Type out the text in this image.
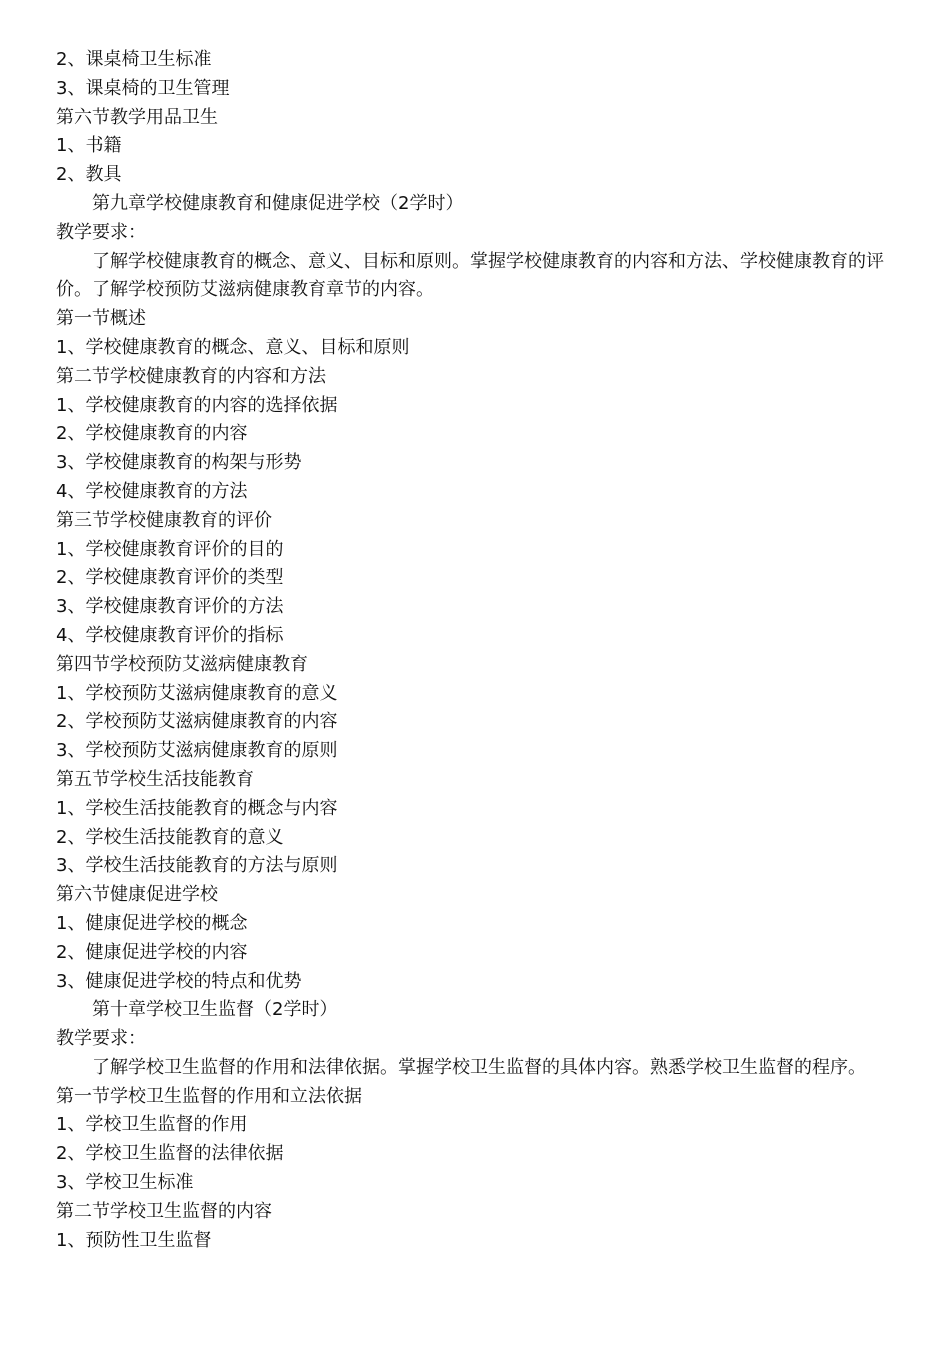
2、课桌椅卫生标准

3、课桌椅的卫生管理

第六节教学用品卫生

1、书籍

2、教具

第九章学校健康教育和健康促进学校（2学时）

教学要求：

了解学校健康教育的概念、意义、目标和原则。掌握学校健康教育的内容和方法、学校健康教育的评价。了解学校预防艾滋病健康教育章节的内容。

第一节概述

1、学校健康教育的概念、意义、目标和原则

第二节学校健康教育的内容和方法

1、学校健康教育的内容的选择依据

2、学校健康教育的内容

3、学校健康教育的构架与形势

4、学校健康教育的方法

第三节学校健康教育的评价

1、学校健康教育评价的目的

2、学校健康教育评价的类型

3、学校健康教育评价的方法

4、学校健康教育评价的指标

第四节学校预防艾滋病健康教育

1、学校预防艾滋病健康教育的意义

2、学校预防艾滋病健康教育的内容

3、学校预防艾滋病健康教育的原则

第五节学校生活技能教育

1、学校生活技能教育的概念与内容

2、学校生活技能教育的意义

3、学校生活技能教育的方法与原则

第六节健康促进学校

1、健康促进学校的概念

2、健康促进学校的内容

3、健康促进学校的特点和优势

第十章学校卫生监督（2学时）

教学要求：

了解学校卫生监督的作用和法律依据。掌握学校卫生监督的具体内容。熟悉学校卫生监督的程序。

第一节学校卫生监督的作用和立法依据

1、学校卫生监督的作用

2、学校卫生监督的法律依据

3、学校卫生标准

第二节学校卫生监督的内容

1、预防性卫生监督
